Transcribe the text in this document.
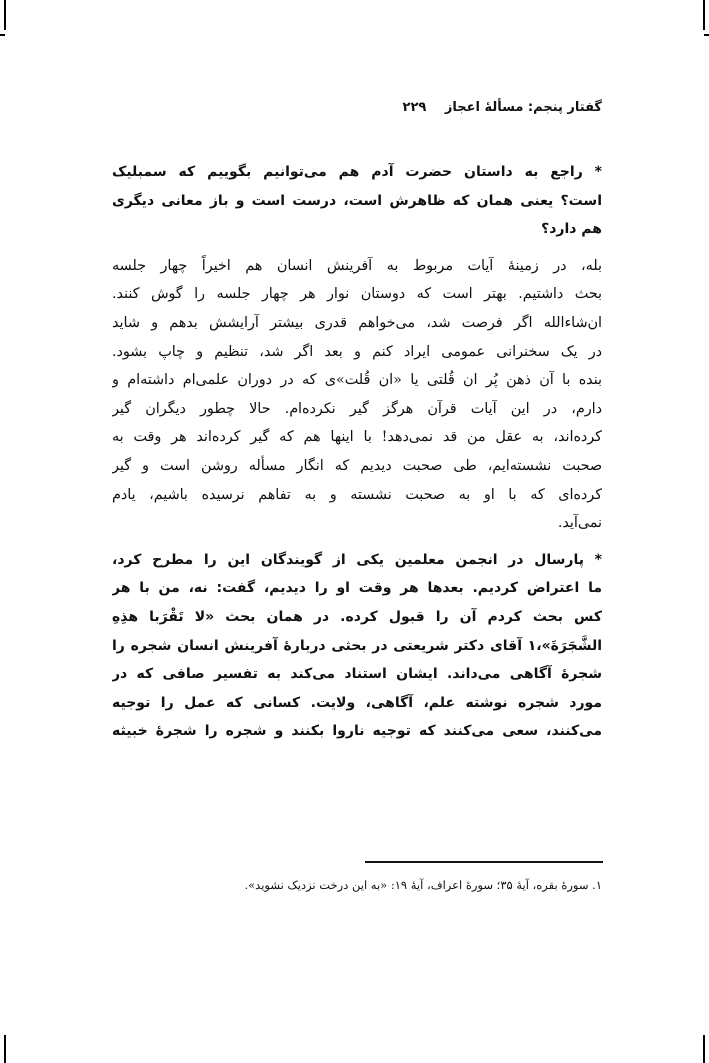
گفتار پنجم: مسألهٔ اعجاز ۲۲۹

* راجع به داستان حضرت آدم هم می‌توانیم بگوییم که سمبلیک
است؟ یعنی همان که ظاهرش است، درست است و باز معانی دیگری
هم دارد؟

بله، در زمینهٔ آیات مربوط به آفرینش انسان هم اخیراً چهار جلسه
بحث داشتیم. بهتر است که دوستان نوار هر چهار جلسه را گوش کنند.
ان‌شاءالله اگر فرصت شد، می‌خواهم قدری بیشتر آرایشش بدهم و شاید
در یک سخنرانی عمومی ایراد کنم و بعد اگر شد، تنظیم و چاپ بشود.
بنده با آن ذهن پُر ان قُلتی یا «ان قُلت»ی که در دوران علمی‌ام داشته‌ام و
دارم، در این آیات قرآن هرگز گیر نکرده‌ام. حالا چطور دیگران گیر
کرده‌اند، به عقل من قد نمی‌دهد! با اینها هم که گیر کرده‌اند هر وقت به
صحبت نشسته‌ایم، طی صحبت دیدیم که انگار مسأله روشن است و گیر
کرده‌ای که با او به صحبت نشسته و به تفاهم نرسیده باشیم، یادم
نمی‌آید.

* پارسال در انجمن معلمین یکی از گویندگان این را مطرح کرد،
ما اعتراض کردیم. بعدها هر وقت او را دیدیم، گفت: نه، من با هر
کس بحث کردم آن را قبول کرده. در همان بحث «لا تَقْرَبا هذِهِ
الشَّجَرَةَ»،۱ آقای دکتر شریعتی در بحثی دربارهٔ آفرینش انسان شجره را
شجرهٔ آگاهی می‌داند. ایشان استناد می‌کند به تفسیر صافی که در
مورد شجره نوشته علم، آگاهی، ولایت. کسانی که عمل را توجیه
می‌کنند، سعی می‌کنند که توجیه ناروا بکنند و شجره را شجرهٔ خبیثه

۱. سورهٔ بقره، آیهٔ ۳۵؛ سورهٔ اعراف، آیهٔ ۱۹: «به این درخت نزدیک نشوید».
